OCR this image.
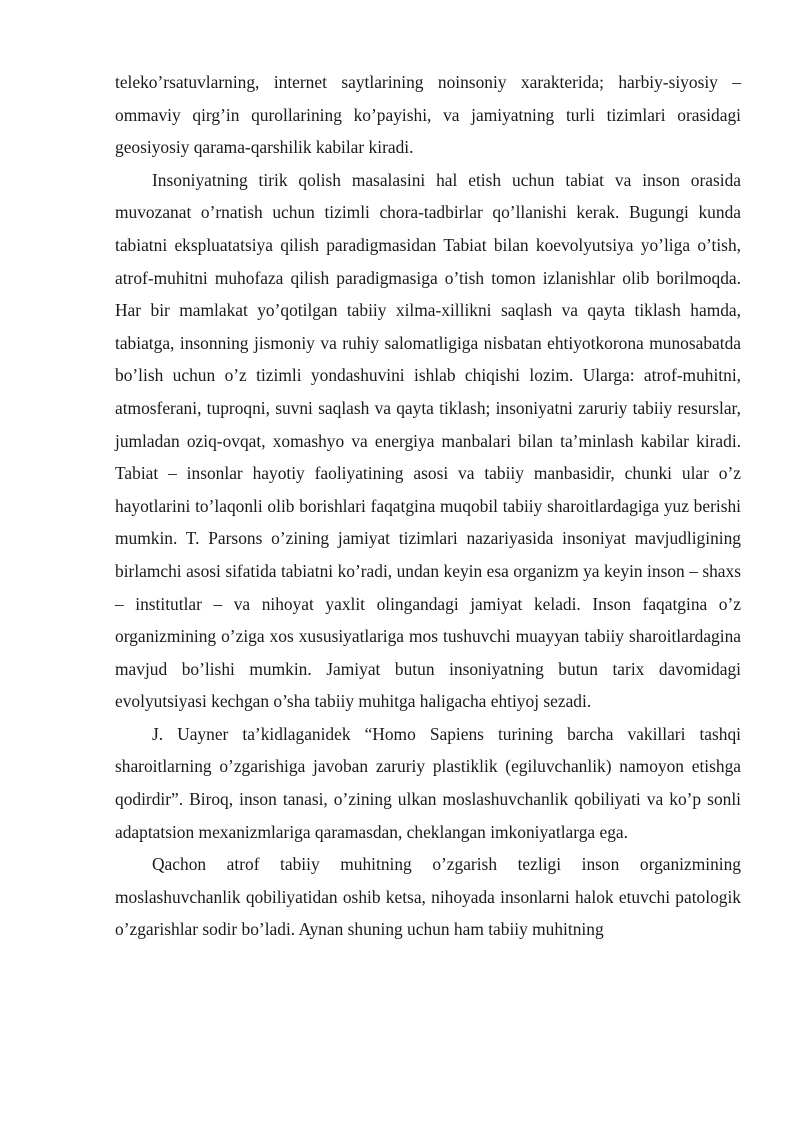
teleko’rsatuvlarning, internet saytlarining noinsoniy xarakterida; harbiy-siyosiy – ommaviy qirg’in qurollarining ko’payishi, va jamiyatning turli tizimlari orasidagi geosiyosiy qarama-qarshilik kabilar kiradi.

Insoniyatning tirik qolish masalasini hal etish uchun tabiat va inson orasida muvozanat o’rnatish uchun tizimli chora-tadbirlar qo’llanishi kerak. Bugungi kunda tabiatni ekspluatatsiya qilish paradigmasidan Tabiat bilan koevolyutsiya yo’liga o’tish, atrof-muhitni muhofaza qilish paradigmasiga o’tish tomon izlanishlar olib borilmoqda. Har bir mamlakat yo’qotilgan tabiiy xilma-xillikni saqlash va qayta tiklash hamda, tabiatga, insonning jismoniy va ruhiy salomatligiga nisbatan ehtiyotkorona munosabatda bo’lish uchun o’z tizimli yondashuvini ishlab chiqishi lozim. Ularga: atrof-muhitni, atmosferani, tuproqni, suvni saqlash va qayta tiklash; insoniyatni zaruriy tabiiy resurslar, jumladan oziq-ovqat, xomashyo va energiya manbalari bilan ta’minlash kabilar kiradi. Tabiat – insonlar hayotiy faoliyatining asosi va tabiiy manbasidir, chunki ular o’z hayotlarini to’laqonli olib borishlari faqatgina muqobil tabiiy sharoitlardagiga yuz berishi mumkin. T. Parsons o’zining jamiyat tizimlari nazariyasida insoniyat mavjudligining birlamchi asosi sifatida tabiatni ko’radi, undan keyin esa organizm ya keyin inson – shaxs – institutlar – va nihoyat yaxlit olingandagi jamiyat keladi. Inson faqatgina o’z organizmining o’ziga xos xususiyatlariga mos tushuvchi muayyan tabiiy sharoitlardagina mavjud bo’lishi mumkin. Jamiyat butun insoniyatning butun tarix davomidagi evolyutsiyasi kechgan o’sha tabiiy muhitga haligacha ehtiyoj sezadi.

J. Uayner ta’kidlaganidek “Homo Sapiens turining barcha vakillari tashqi sharoitlarning o’zgarishiga javoban zaruriy plastiklik (egiluvchanlik) namoyon etishga qodirdir”. Biroq, inson tanasi, o’zining ulkan moslashuvchanlik qobiliyati va ko’p sonli adaptatsion mexanizmlariga qaramasdan, cheklangan imkoniyatlarga ega.

Qachon atrof tabiiy muhitning o’zgarish tezligi inson organizmining moslashuvchanlik qobiliyatidan oshib ketsa, nihoyada insonlarni halok etuvchi patologik o’zgarishlar sodir bo’ladi. Aynan shuning uchun ham tabiiy muhitning
